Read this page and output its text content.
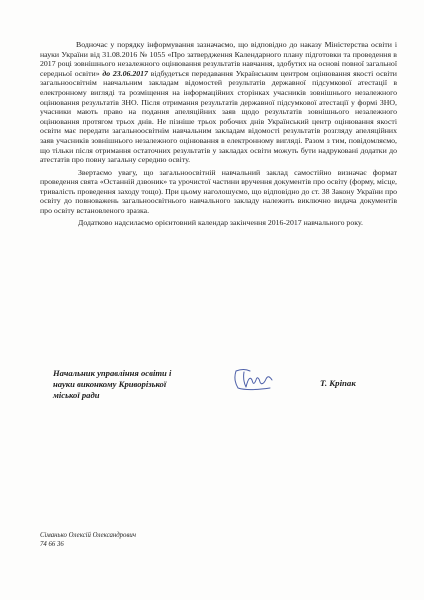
Водночас у порядку інформування зазначаємо, що відповідно до наказу Міністерства освіти і науки України від 31.08.2016 № 1055 «Про затвердження Календарного плану підготовки та проведення в 2017 році зовнішнього незалежного оцінювання результатів навчання, здобутих на основі повної загальної середньої освіти» до 23.06.2017 відбудеться передавання Українським центром оцінювання якості освіти загальноосвітнім навчальним закладам відомостей результатів державної підсумкової атестації в електронному вигляді та розміщення на інформаційних сторінках учасників зовнішнього незалежного оцінювання результатів ЗНО. Після отримання результатів державної підсумкової атестації у формі ЗНО, учасники мають право на подання апеляційних заяв щодо результатів зовнішнього незалежного оцінювання протягом трьох днів. Не пізніше трьох робочих днів Український центр оцінювання якості освіти має передати загальноосвітнім навчальним закладам відомості результатів розгляду апеляційних заяв учасників зовнішнього незалежного оцінювання в електронному вигляді. Разом з тим, повідомляємо, що тільки після отримання остаточних результатів у закладах освіти можуть бути надруковані додатки до атестатів про повну загальну середню освіту.

Звертаємо увагу, що загальноосвітній навчальний заклад самостійно визначає формат проведення свята «Останній дзвоник» та урочистої частини вручення документів про освіту (форму, місце, тривалість проведення заходу тощо). При цьому наголошуємо, що відповідно до ст. 38 Закону України про освіту до повноважень загальноосвітнього навчального закладу належить виключно видача документів про освіту встановленого зразка.

Додатково надсилаємо орієнтовний календар закінчення 2016-2017 навчального року.

Начальник управління освіти і
науки виконкому Криворізької
міської ради
Т. Кріпак
Сіманько Олексій Олександрович
74 66 36
